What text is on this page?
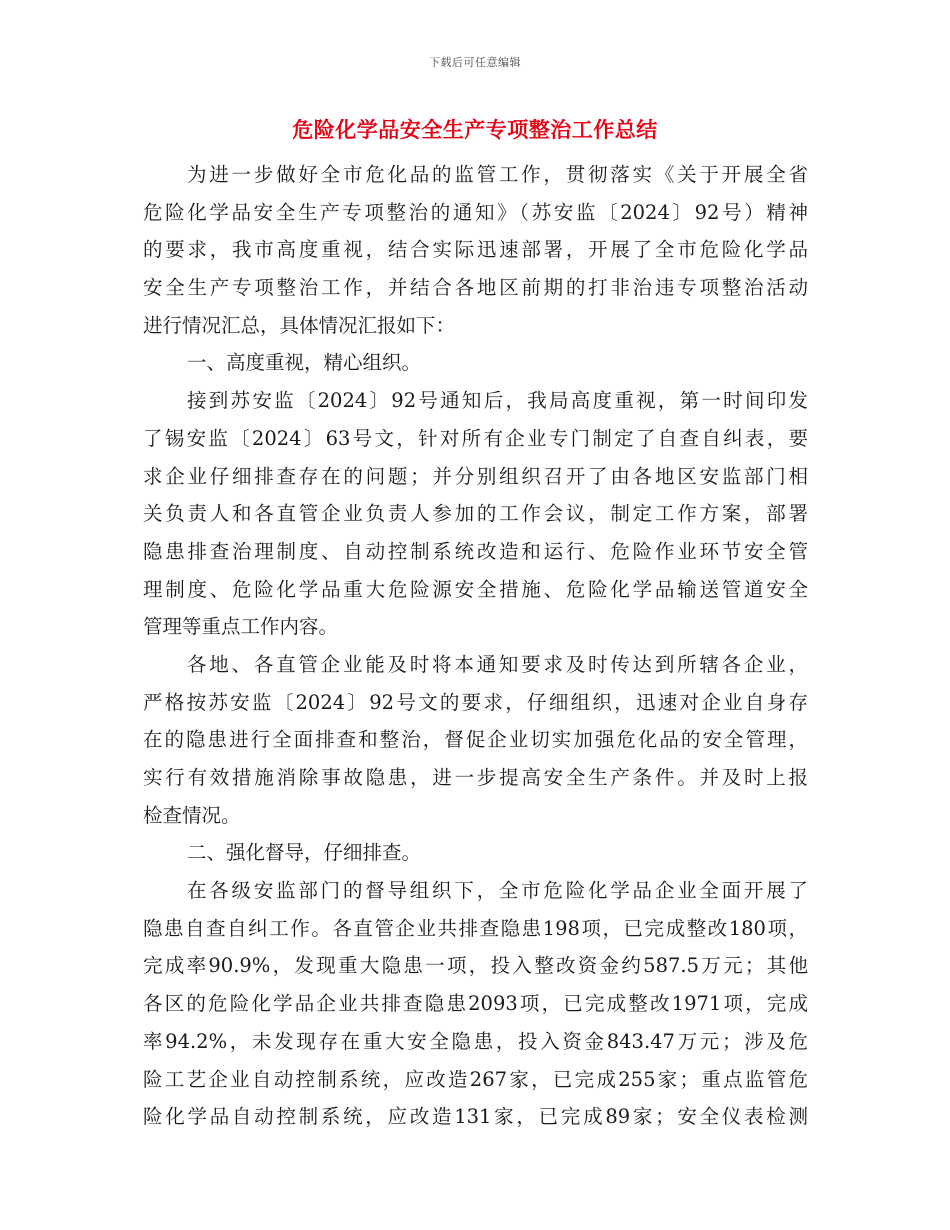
下载后可任意编辑
危险化学品安全生产专项整治工作总结
为进一步做好全市危化品的监管工作，贯彻落实《关于开展全省
危险化学品安全生产专项整治的通知》（苏安监〔2024〕92号）精神
的要求，我市高度重视，结合实际迅速部署，开展了全市危险化学品
安全生产专项整治工作，并结合各地区前期的打非治违专项整治活动
进行情况汇总，具体情况汇报如下：
一、高度重视，精心组织。
接到苏安监〔2024〕92号通知后，我局高度重视，第一时间印发
了锡安监〔2024〕63号文，针对所有企业专门制定了自查自纠表，要
求企业仔细排查存在的问题；并分别组织召开了由各地区安监部门相
关负责人和各直管企业负责人参加的工作会议，制定工作方案，部署
隐患排查治理制度、自动控制系统改造和运行、危险作业环节安全管
理制度、危险化学品重大危险源安全措施、危险化学品输送管道安全
管理等重点工作内容。
各地、各直管企业能及时将本通知要求及时传达到所辖各企业，
严格按苏安监〔2024〕92号文的要求，仔细组织，迅速对企业自身存
在的隐患进行全面排查和整治，督促企业切实加强危化品的安全管理，
实行有效措施消除事故隐患，进一步提高安全生产条件。并及时上报
检查情况。
二、强化督导，仔细排查。
在各级安监部门的督导组织下，全市危险化学品企业全面开展了
隐患自查自纠工作。各直管企业共排查隐患198项，已完成整改180项，
完成率90.9%，发现重大隐患一项，投入整改资金约587.5万元；其他
各区的危险化学品企业共排查隐患2093项，已完成整改1971项，完成
率94.2%，未发现存在重大安全隐患，投入资金843.47万元；涉及危
险工艺企业自动控制系统，应改造267家，已完成255家；重点监管危
险化学品自动控制系统，应改造131家，已完成89家；安全仪表检测
